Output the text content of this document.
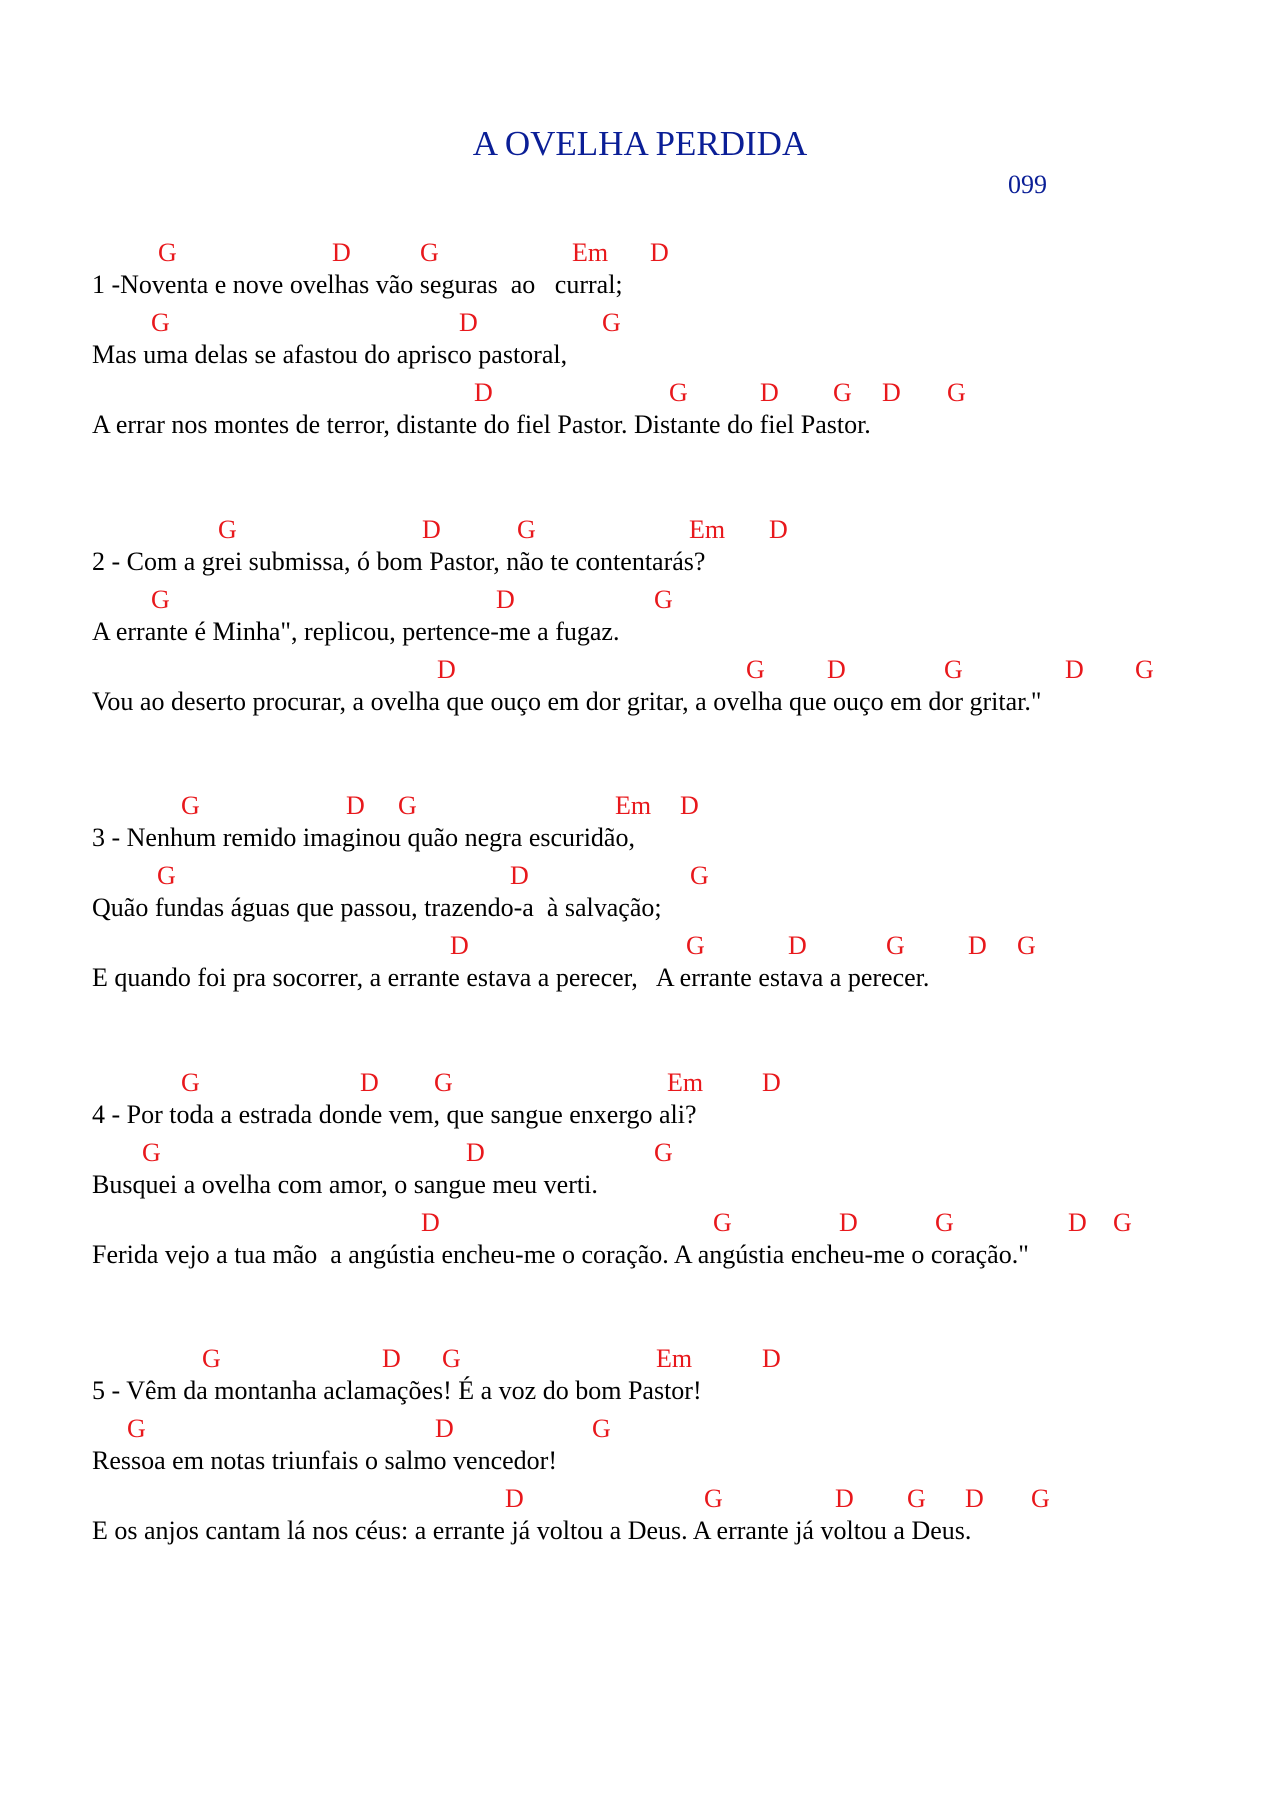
A OVELHA PERDIDA
099
G	D	G	Em D
1 -Noventa e nove ovelhas vão seguras  ao   curral;
G	D	G
Mas uma delas se afastou do aprisco pastoral,
D	G	D G D G
A errar nos montes de terror, distante do fiel Pastor. Distante do fiel Pastor.
G	D	G	Em D
2 - Com a grei submissa, ó bom Pastor, não te contentarás?
G	D	G
A errante é Minha", replicou, pertence-me a fugaz.
D	G D	G	D G
Vou ao deserto procurar, a ovelha que ouço em dor gritar, a ovelha que ouço em dor gritar."
G	D G	Em D
3 - Nenhum remido imaginou quão negra escuridão,
G	D	G
Quão fundas águas que passou, trazendo-a  à salvação;
D	G	D	G D G
E quando foi pra socorrer, a errante estava a perecer,   A errante estava a perecer.
G	D G	Em D
4 - Por toda a estrada donde vem, que sangue enxergo ali?
G	D	G
Busquei a ovelha com amor, o sangue meu verti.
D	G	D	G	D G
Ferida vejo a tua mão  a angústia encheu-me o coração. A angústia encheu-me o coração."
G	D G	Em	D
5 - Vêm da montanha aclamações! É a voz do bom Pastor!
G	D	G
Ressoa em notas triunfais o salmo vencedor!
D	G	D G D G
E os anjos cantam lá nos céus: a errante já voltou a Deus. A errante já voltou a Deus.
